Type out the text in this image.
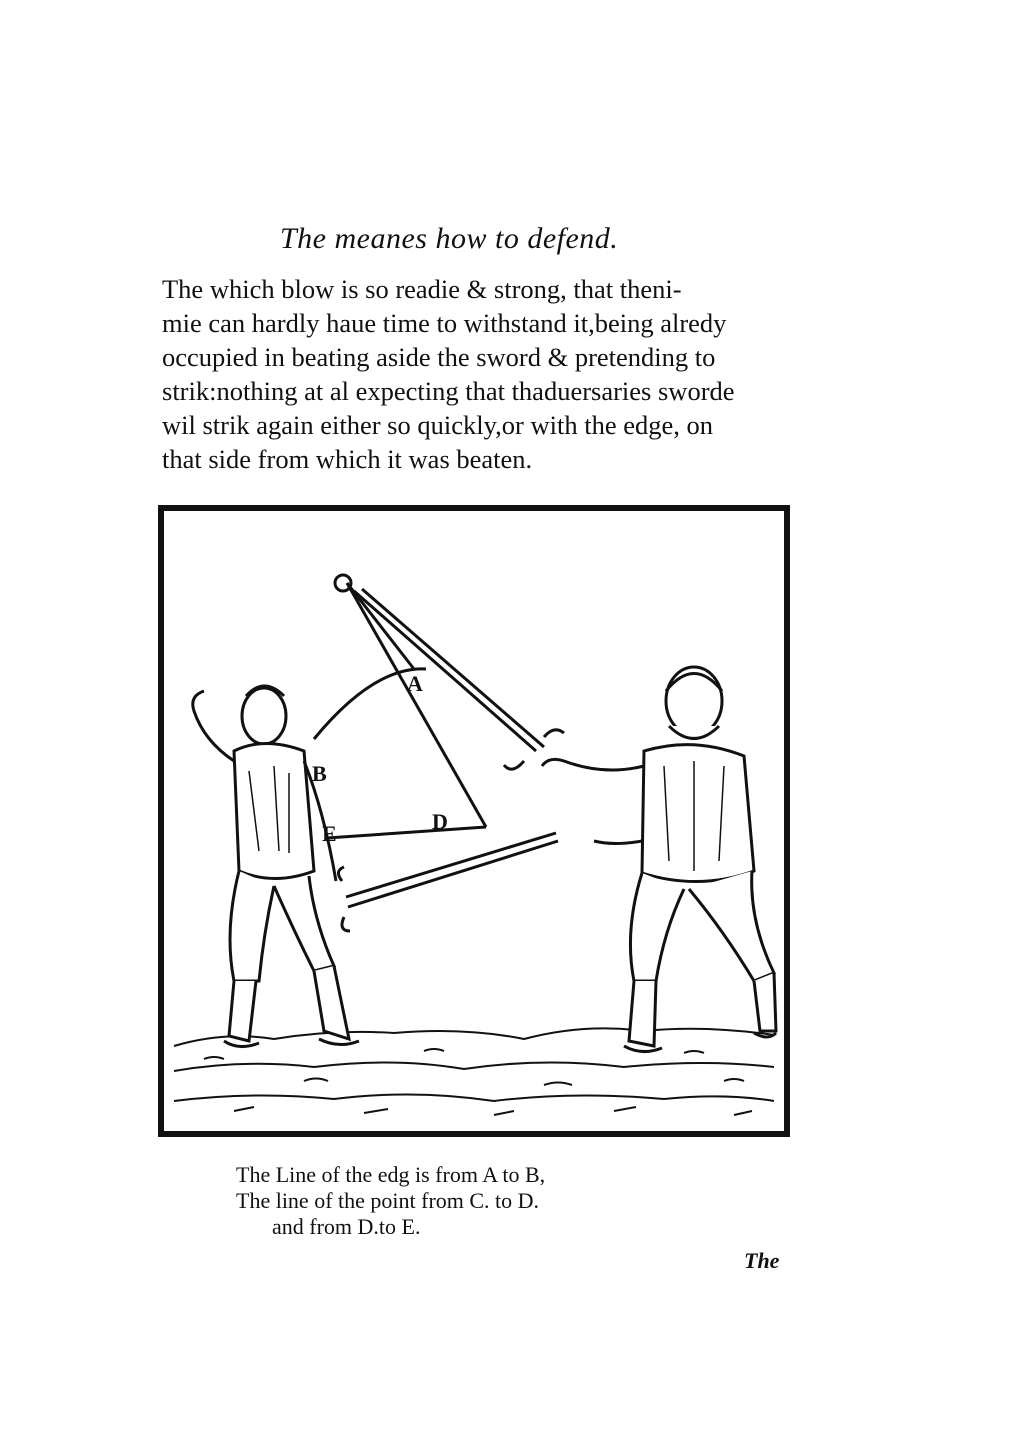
The meanes how to defend.
The which blow is so readie & strong, that theni-
mie can hardly haue time to withstand it,being alredy
occupied in beating aside the sword & pretending to
strik:nothing at al expecting that thaduersaries sworde
wil strik again either so quickly,or with the edge, on
that side from which it was beaten.
A
B
E	D
The Line of the edg is from A to B,
The line of the point from C. to D.
and from D.to E.
The
